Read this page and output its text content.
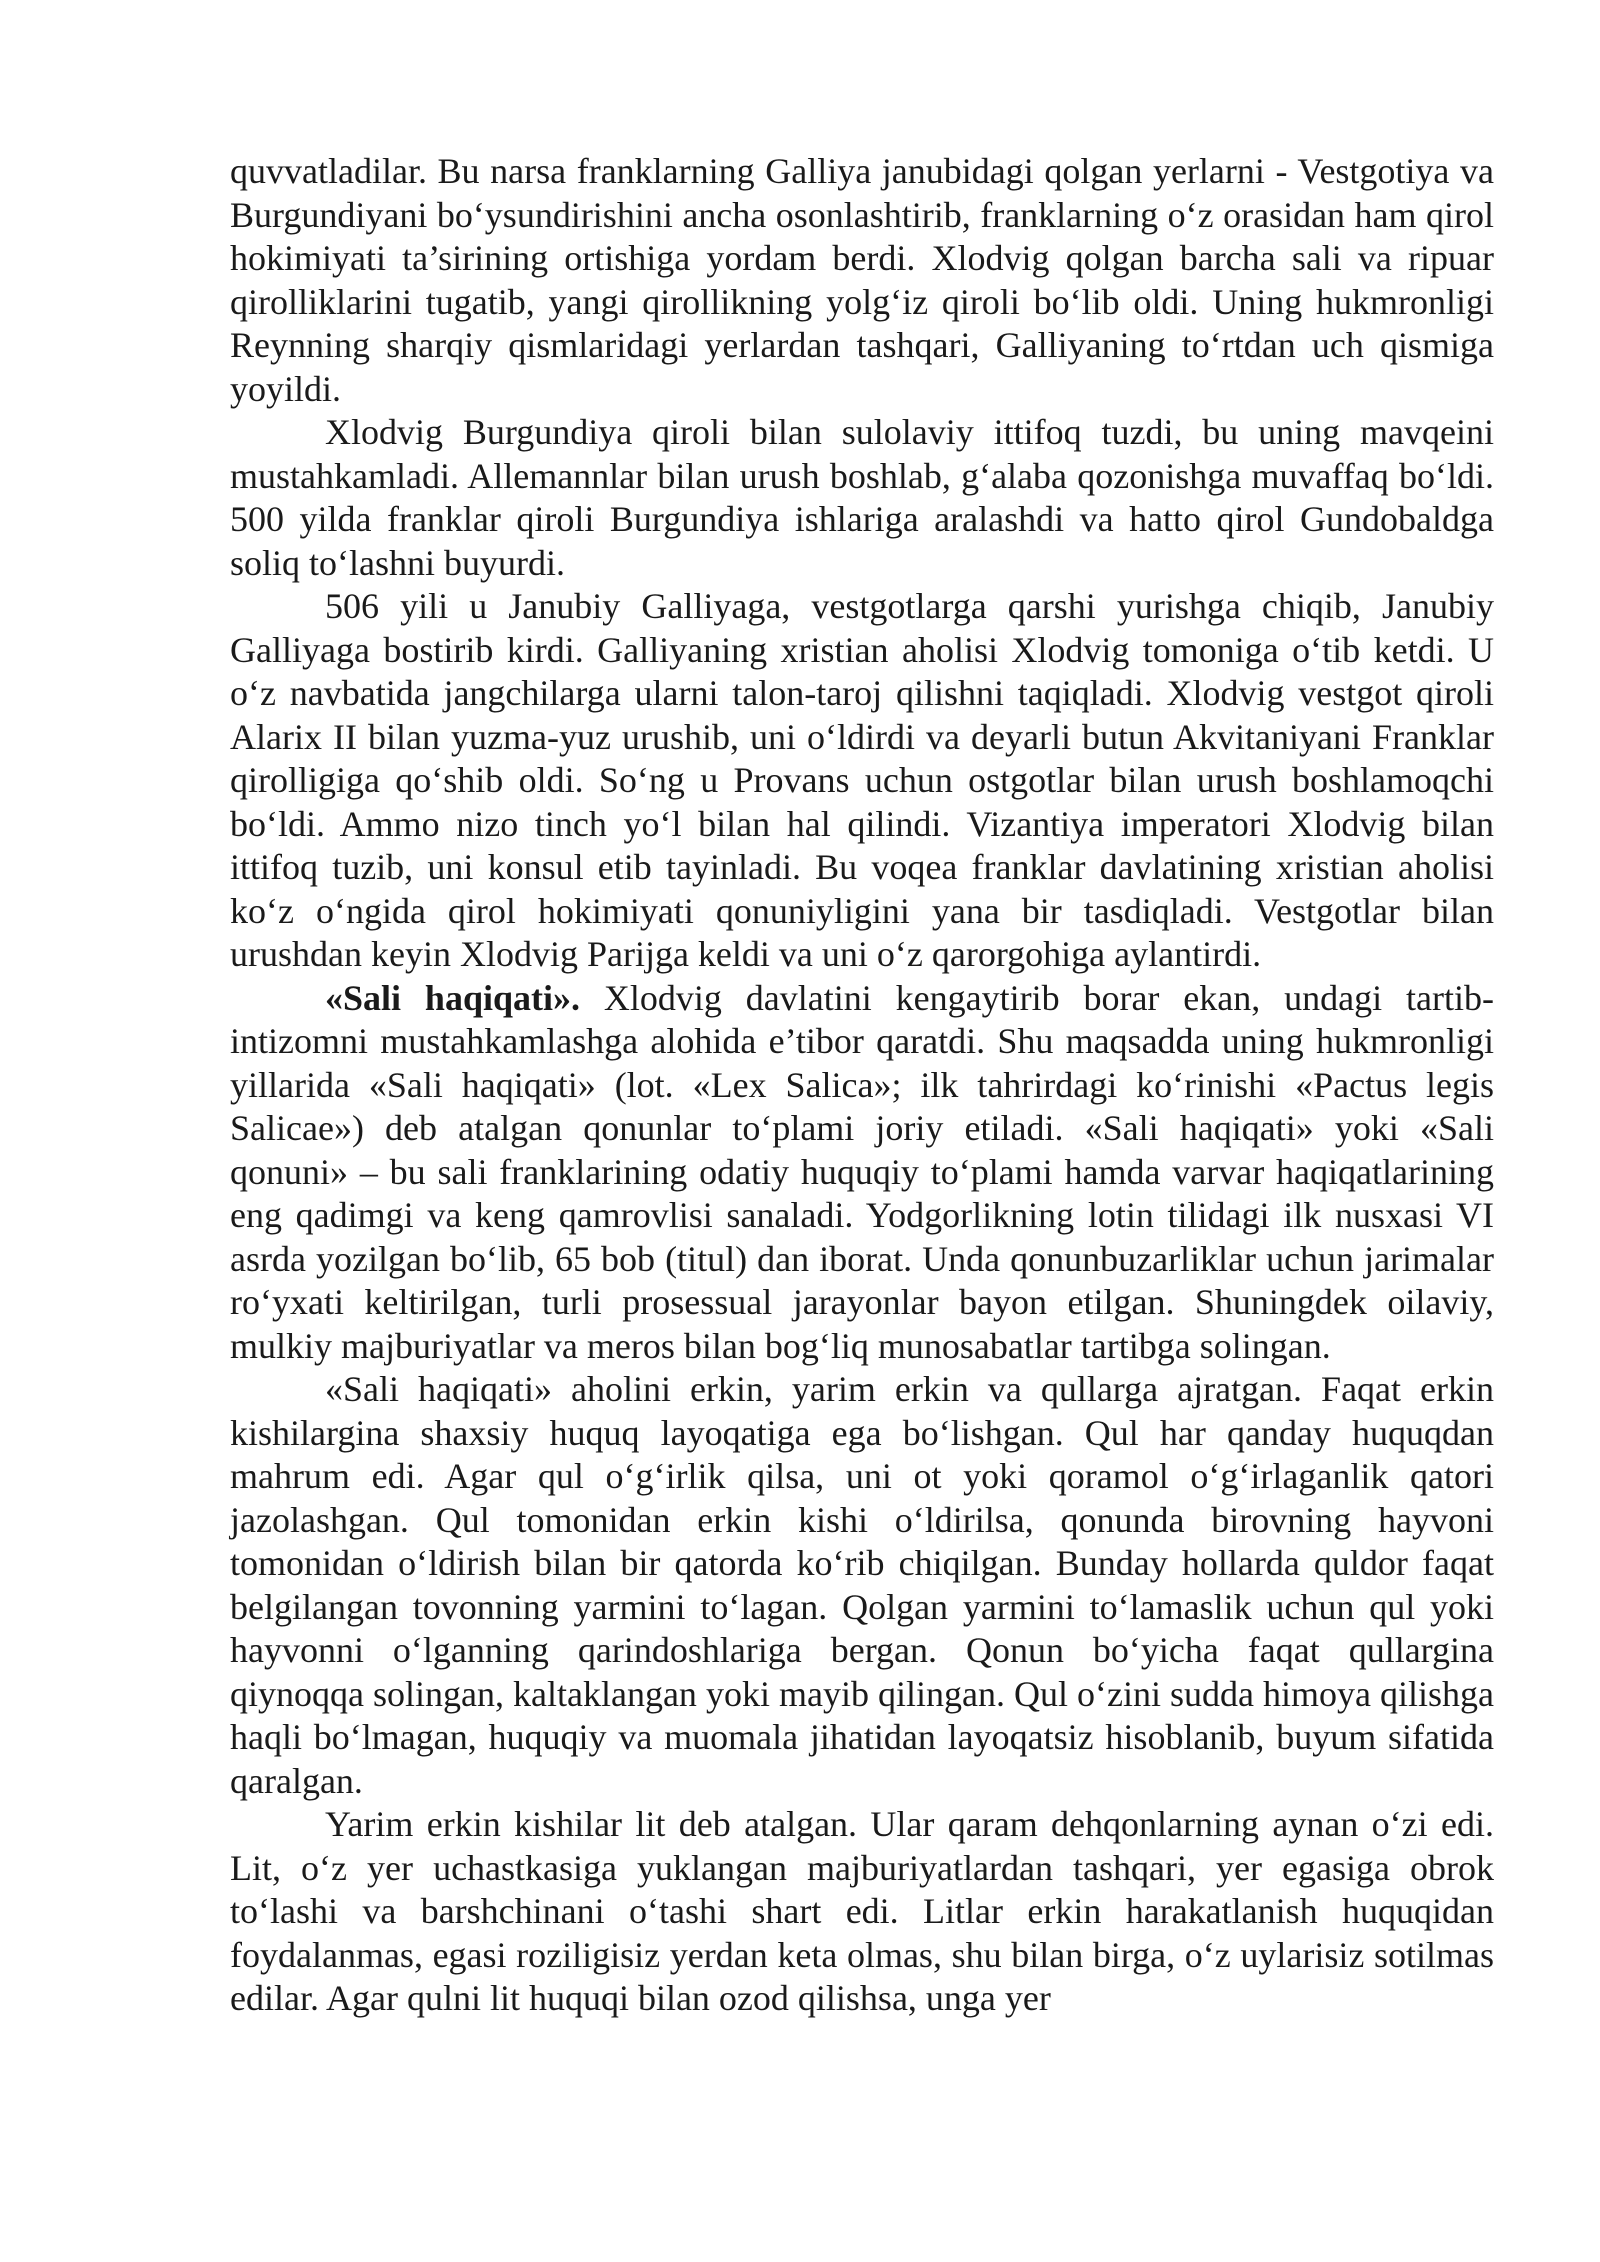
quvvatladilar. Bu narsa franklarning Galliya janubidagi qolgan yerlarni - Vestgotiya va Burgundiyani bo‘ysundirishini ancha osonlashtirib, franklarning o‘z orasidan ham qirol hokimiyati ta’sirining ortishiga yordam berdi. Xlodvig qolgan barcha sali va ripuar qirolliklarini tugatib, yangi qirollikning yolg‘iz qiroli bo‘lib oldi. Uning hukmronligi Reynning sharqiy qismlaridagi yerlardan tashqari, Galliyaning to‘rtdan uch qismiga yoyildi.

Xlodvig Burgundiya qiroli bilan sulolaviy ittifoq tuzdi, bu uning mavqeini mustahkamladi. Allemannlar bilan urush boshlab, g‘alaba qozonishga muvaffaq bo‘ldi. 500 yilda franklar qiroli Burgundiya ishlariga aralashdi va hatto qirol Gundobaldga soliq to‘lashni buyurdi.

506 yili u Janubiy Galliyaga, vestgotlarga qarshi yurishga chiqib, Janubiy Galliyaga bostirib kirdi. Galliyaning xristian aholisi Xlodvig tomoniga o‘tib ketdi. U o‘z navbatida jangchilarga ularni talon-taroj qilishni taqiqladi. Xlodvig vestgot qiroli Alarix II bilan yuzma-yuz urushib, uni o‘ldirdi va deyarli butun Akvitaniyani Franklar qirolligiga qo‘shib oldi. So‘ng u Provans uchun ostgotlar bilan urush boshlamoqchi bo‘ldi. Ammo nizo tinch yo‘l bilan hal qilindi. Vizantiya imperatori Xlodvig bilan ittifoq tuzib, uni konsul etib tayinladi. Bu voqea franklar davlatining xristian aholisi ko‘z o‘ngida qirol hokimiyati qonuniyligini yana bir tasdiqladi. Vestgotlar bilan urushdan keyin Xlodvig Parijga keldi va uni o‘z qarorgohiga aylantirdi.

«Sali haqiqati». Xlodvig davlatini kengaytirib borar ekan, undagi tartib-intizomni mustahkamlashga alohida e’tibor qaratdi. Shu maqsadda uning hukmronligi yillarida «Sali haqiqati» (lot. «Lex Salica»; ilk tahrirdagi ko‘rinishi «Pactus legis Salicae») deb atalgan qonunlar to‘plami joriy etiladi. «Sali haqiqati» yoki «Sali qonuni» – bu sali franklarining odatiy huquqiy to‘plami hamda varvar haqiqatlarining eng qadimgi va keng qamrovlisi sanaladi. Yodgorlikning lotin tilidagi ilk nusxasi VI asrda yozilgan bo‘lib, 65 bob (titul) dan iborat. Unda qonunbuzarliklar uchun jarimalar ro‘yxati keltirilgan, turli prosessual jarayonlar bayon etilgan. Shuningdek oilaviy, mulkiy majburiyatlar va meros bilan bog‘liq munosabatlar tartibga solingan.

«Sali haqiqati» aholini erkin, yarim erkin va qullarga ajratgan. Faqat erkin kishilargina shaxsiy huquq layoqatiga ega bo‘lishgan. Qul har qanday huquqdan mahrum edi. Agar qul o‘g‘irlik qilsa, uni ot yoki qoramol o‘g‘irlaganlik qatori jazolashgan. Qul tomonidan erkin kishi o‘ldirilsa, qonunda birovning hayvoni tomonidan o‘ldirish bilan bir qatorda ko‘rib chiqilgan. Bunday hollarda quldor faqat belgilangan tovonning yarmini to‘lagan. Qolgan yarmini to‘lamaslik uchun qul yoki hayvonni o‘lganning qarindoshlariga bergan. Qonun bo‘yicha faqat qullargina qiynoqqa solingan, kaltaklangan yoki mayib qilingan. Qul o‘zini sudda himoya qilishga haqli bo‘lmagan, huquqiy va muomala jihatidan layoqatsiz hisoblanib, buyum sifatida qaralgan.

Yarim erkin kishilar lit deb atalgan. Ular qaram dehqonlarning aynan o‘zi edi. Lit, o‘z yer uchastkasiga yuklangan majburiyatlardan tashqari, yer egasiga obrok to‘lashi va barshchinani o‘tashi shart edi. Litlar erkin harakatlanish huquqidan foydalanmas, egasi roziligisiz yerdan keta olmas, shu bilan birga, o‘z uylarisiz sotilmas edilar. Agar qulni lit huquqi bilan ozod qilishsa, unga yer
